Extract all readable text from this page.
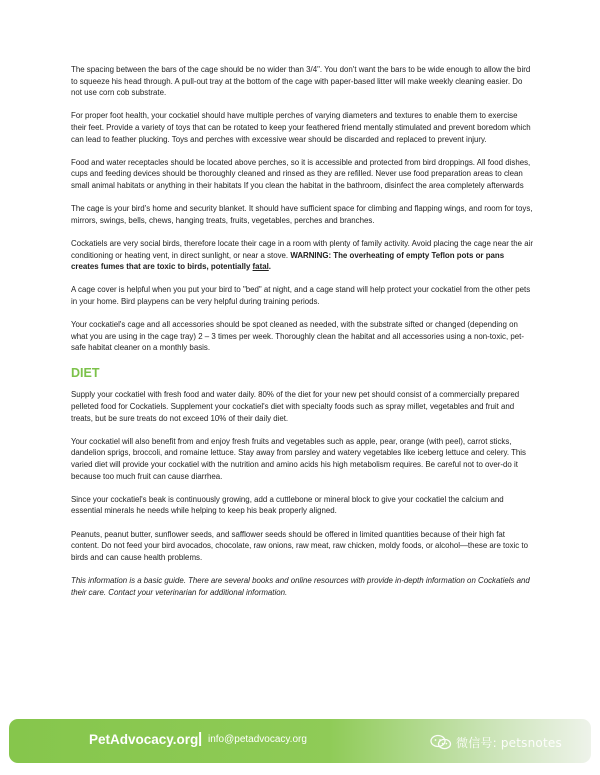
The spacing between the bars of the cage should be no wider than 3/4". You don't want the bars to be wide enough to allow the bird to squeeze his head through. A pull-out tray at the bottom of the cage with paper-based litter will make weekly cleaning easier. Do not use corn cob substrate.

For proper foot health, your cockatiel should have multiple perches of varying diameters and textures to enable them to exercise their feet. Provide a variety of toys that can be rotated to keep your feathered friend mentally stimulated and prevent boredom which can lead to feather plucking. Toys and perches with excessive wear should be discarded and replaced to prevent injury.

Food and water receptacles should be located above perches, so it is accessible and protected from bird droppings. All food dishes, cups and feeding devices should be thoroughly cleaned and rinsed as they are refilled. Never use food preparation areas to clean small animal habitats or anything in their habitats If you clean the habitat in the bathroom, disinfect the area completely afterwards

The cage is your bird's home and security blanket. It should have sufficient space for climbing and flapping wings, and room for toys, mirrors, swings, bells, chews, hanging treats, fruits, vegetables, perches and branches.

Cockatiels are very social birds, therefore locate their cage in a room with plenty of family activity. Avoid placing the cage near the air conditioning or heating vent, in direct sunlight, or near a stove. WARNING: The overheating of empty Teflon pots or pans creates fumes that are toxic to birds, potentially fatal.

A cage cover is helpful when you put your bird to "bed" at night, and a cage stand will help protect your cockatiel from the other pets in your home. Bird playpens can be very helpful during training periods.

Your cockatiel's cage and all accessories should be spot cleaned as needed, with the substrate sifted or changed (depending on what you are using in the cage tray) 2 – 3 times per week. Thoroughly clean the habitat and all accessories using a non-toxic, pet-safe habitat cleaner on a monthly basis.

DIET

Supply your cockatiel with fresh food and water daily. 80% of the diet for your new pet should consist of a commercially prepared pelleted food for Cockatiels. Supplement your cockatiel's diet with specialty foods such as spray millet, vegetables and fruit and treats, but be sure treats do not exceed 10% of their daily diet.

Your cockatiel will also benefit from and enjoy fresh fruits and vegetables such as apple, pear, orange (with peel), carrot sticks, dandelion sprigs, broccoli, and romaine lettuce. Stay away from parsley and watery vegetables like iceberg lettuce and celery. This varied diet will provide your cockatiel with the nutrition and amino acids his high metabolism requires. Be careful not to over-do it because too much fruit can cause diarrhea.

Since your cockatiel's beak is continuously growing, add a cuttlebone or mineral block to give your cockatiel the calcium and essential minerals he needs while helping to keep his beak properly aligned.

Peanuts, peanut butter, sunflower seeds, and safflower seeds should be offered in limited quantities because of their high fat content. Do not feed your bird avocados, chocolate, raw onions, raw meat, raw chicken, moldy foods, or alcohol—these are toxic to birds and can cause health problems.

This information is a basic guide. There are several books and online resources with provide in-depth information on Cockatiels and their care. Contact your veterinarian for additional information.

PetAdvocacy.org | info@petadvocacy.org	微信号: petsnotes
